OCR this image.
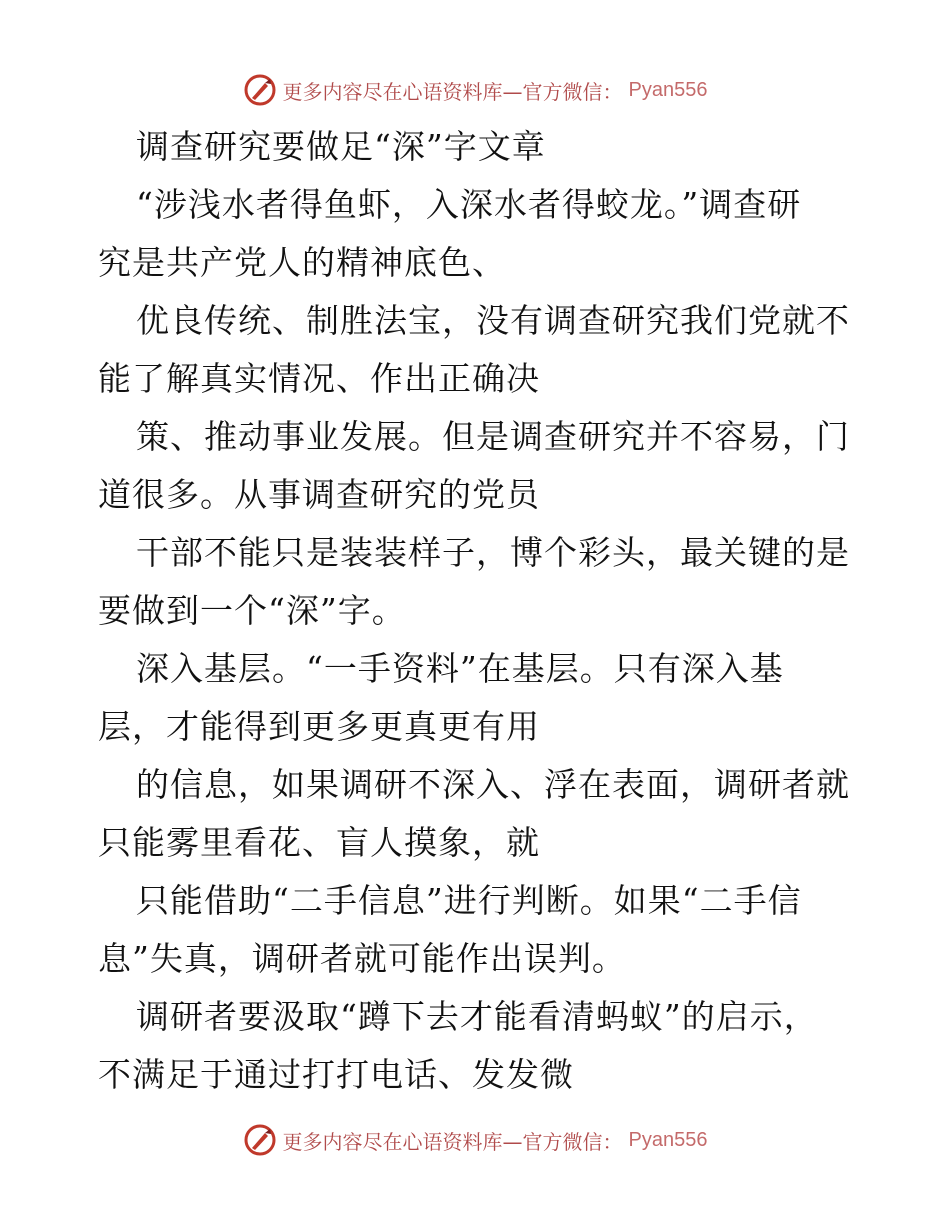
更多内容尽在心语资料库—官方微信： Pyan556
调查研究要做足“深”字文章
“涉浅水者得鱼虾，入深水者得蛟龙。”调查研
究是共产党人的精神底色、
优良传统、制胜法宝，没有调查研究我们党就不
能了解真实情况、作出正确决
策、推动事业发展。但是调查研究并不容易，门
道很多。从事调查研究的党员
干部不能只是装装样子，博个彩头，最关键的是
要做到一个“深”字。
深入基层。“一手资料”在基层。只有深入基
层，才能得到更多更真更有用
的信息，如果调研不深入、浮在表面，调研者就
只能雾里看花、盲人摸象，就
只能借助“二手信息”进行判断。如果“二手信
息”失真，调研者就可能作出误判。
调研者要汲取“蹲下去才能看清蚂蚁”的启示，
不满足于通过打打电话、发发微
更多内容尽在心语资料库—官方微信： Pyan556
